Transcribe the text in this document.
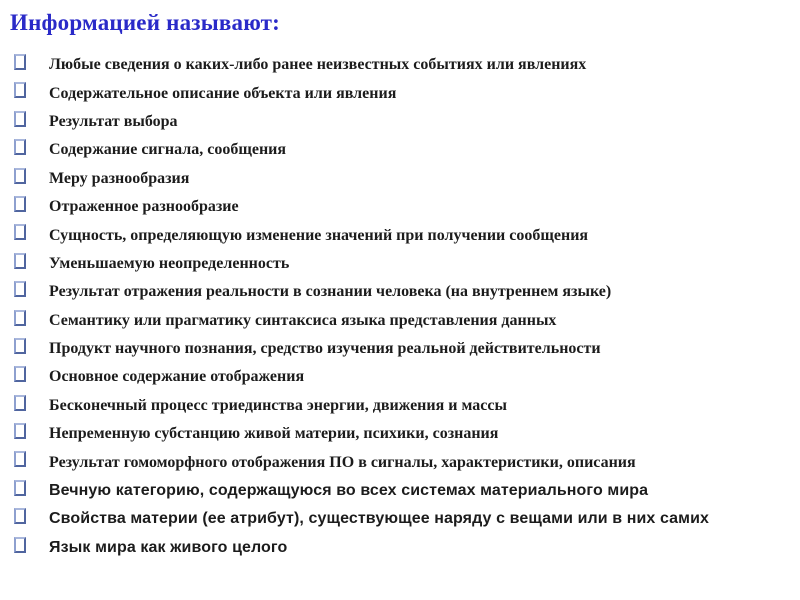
Информацией называют:
Любые сведения о каких-либо ранее неизвестных событиях или явлениях
Содержательное описание объекта или явления
Результат выбора
Содержание сигнала, сообщения
Меру разнообразия
Отраженное разнообразие
Сущность, определяющую изменение значений при получении сообщения
Уменьшаемую неопределенность
Результат отражения реальности в сознании человека (на внутреннем языке)
Семантику или прагматику синтаксиса языка представления данных
Продукт научного познания, средство изучения реальной действительности
Основное содержание отображения
Бесконечный процесс триединства энергии, движения и массы
Непременную субстанцию живой материи, психики, сознания
Результат гомоморфного отображения ПО в сигналы, характеристики, описания
Вечную категорию, содержащуюся во всех системах материального мира
Свойства материи (ее атрибут), существующее наряду с вещами или в них самих
Язык мира как живого целого
